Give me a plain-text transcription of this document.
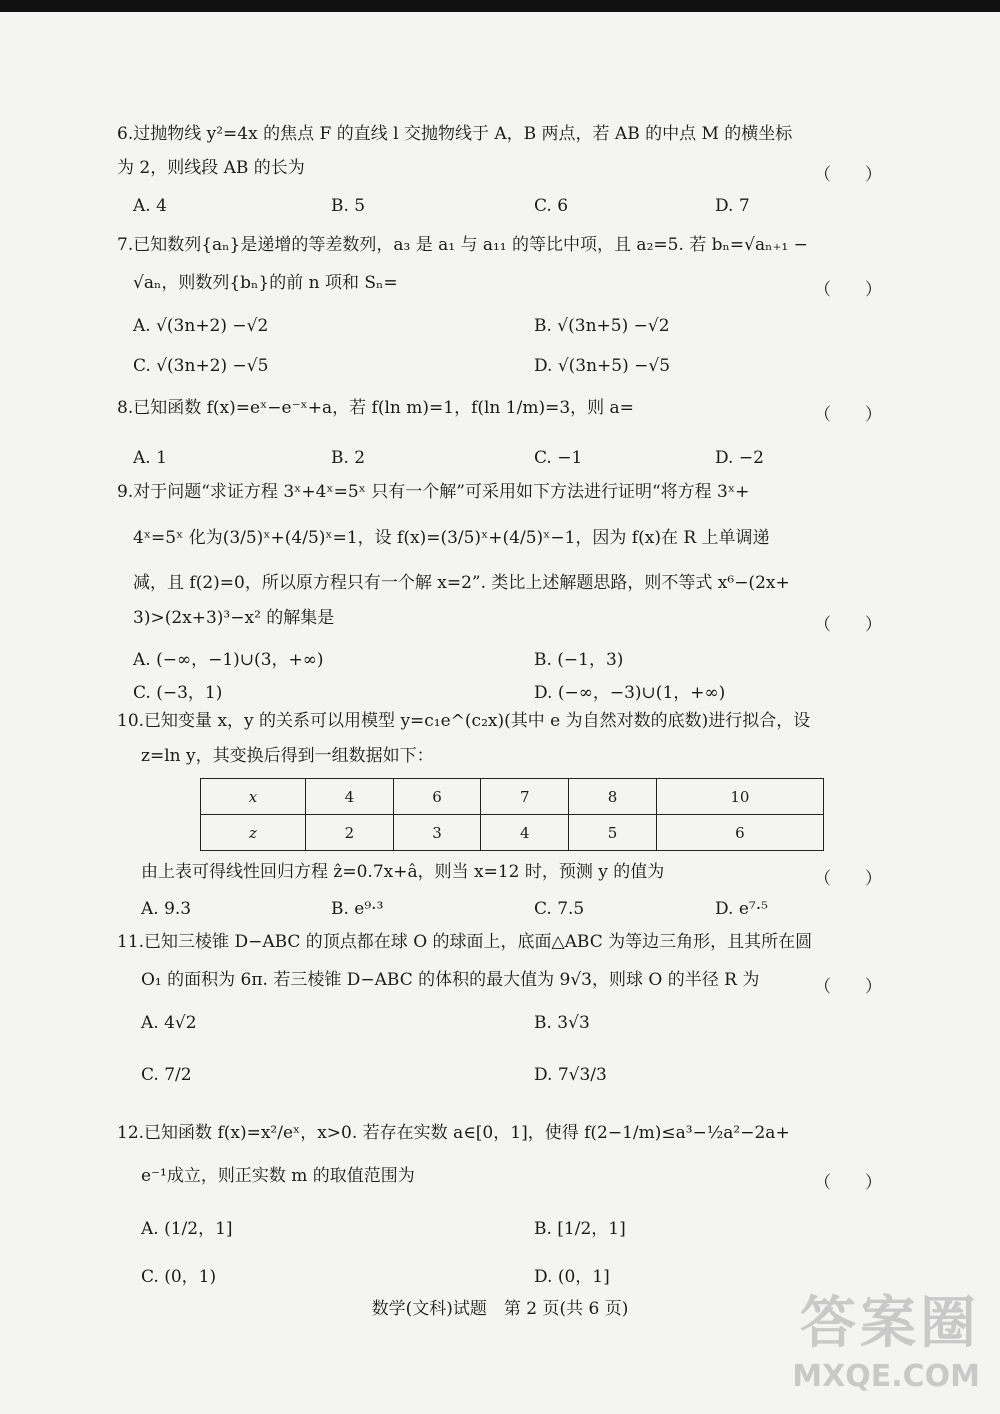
6.过抛物线 y²=4x 的焦点 F 的直线 l 交抛物线于 A，B 两点，若 AB 的中点 M 的横坐标
为 2，则线段 AB 的长为	（　　）
A. 4	B. 5	C. 6	D. 7
7.已知数列{aₙ}是递增的等差数列，a₃ 是 a₁ 与 a₁₁ 的等比中项，且 a₂=5. 若 bₙ=√aₙ₊₁ −
√aₙ，则数列{bₙ}的前 n 项和 Sₙ=	（　　）
A. √(3n+2) −√2	B. √(3n+5) −√2
C. √(3n+2) −√5	D. √(3n+5) −√5
8.已知函数 f(x)=eˣ−e⁻ˣ+a，若 f(ln m)=1，f(ln 1/m)=3，则 a=	（　　）
A. 1	B. 2	C. −1	D. −2
9.对于问题“求证方程 3ˣ+4ˣ=5ˣ 只有一个解”可采用如下方法进行证明“将方程 3ˣ+
4ˣ=5ˣ 化为(3/5)ˣ+(4/5)ˣ=1，设 f(x)=(3/5)ˣ+(4/5)ˣ−1，因为 f(x)在 R 上单调递
减，且 f(2)=0，所以原方程只有一个解 x=2”. 类比上述解题思路，则不等式 x⁶−(2x+
3)>(2x+3)³−x² 的解集是	（　　）
A. (−∞，−1)∪(3，+∞)	B. (−1，3)
C. (−3，1)	D. (−∞，−3)∪(1，+∞)
10.已知变量 x，y 的关系可以用模型 y=c₁e^(c₂x)(其中 e 为自然对数的底数)进行拟合，设
z=ln y，其变换后得到一组数据如下：
x	4	6	7	8	10
z	2	3	4	5	6
由上表可得线性回归方程 ẑ=0.7x+â，则当 x=12 时，预测 y 的值为	（　　）
A. 9.3	B. e⁹·³	C. 7.5	D. e⁷·⁵
11.已知三棱锥 D−ABC 的顶点都在球 O 的球面上，底面△ABC 为等边三角形，且其所在圆
O₁ 的面积为 6π. 若三棱锥 D−ABC 的体积的最大值为 9√3，则球 O 的半径 R 为	（　　）
A. 4√2	B. 3√3
C. 7/2	D. 7√3/3
12.已知函数 f(x)=x²/eˣ，x>0. 若存在实数 a∈[0，1]，使得 f(2−1/m)≤a³−½a²−2a+
e⁻¹成立，则正实数 m 的取值范围为	（　　）
A. (1/2，1]	B. [1/2，1]
C. (0，1)	D. (0，1]
数学(文科)试题　第 2 页(共 6 页)	答案圈
MXQE.COM
